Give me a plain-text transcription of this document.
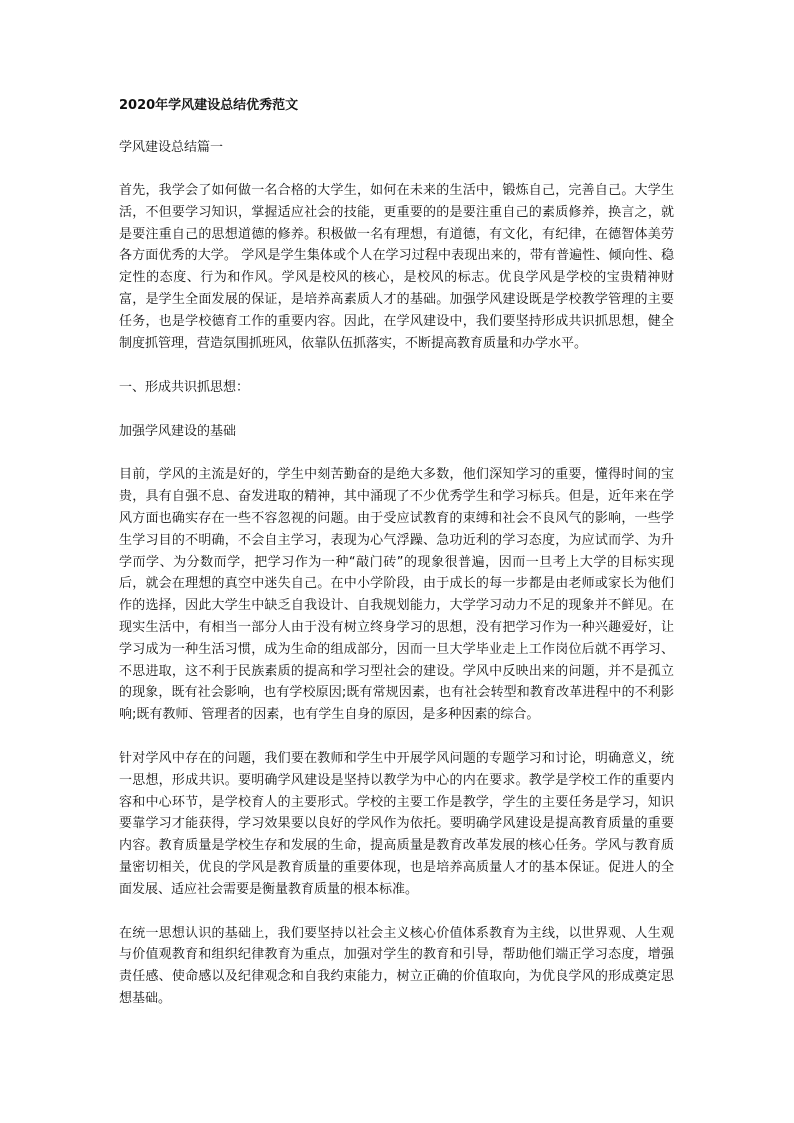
2020年学风建设总结优秀范文

学风建设总结篇一

首先，我学会了如何做一名合格的大学生，如何在未来的生活中，锻炼自己，完善自己。大学生活，不但要学习知识，掌握适应社会的技能，更重要的的是要注重自己的素质修养，换言之，就是要注重自己的思想道德的修养。积极做一名有理想，有道德，有文化，有纪律，在德智体美劳各方面优秀的大学。 学风是学生集体或个人在学习过程中表现出来的，带有普遍性、倾向性、稳定性的态度、行为和作风。学风是校风的核心，是校风的标志。优良学风是学校的宝贵精神财富，是学生全面发展的保证，是培养高素质人才的基础。加强学风建设既是学校教学管理的主要任务，也是学校德育工作的重要内容。因此，在学风建设中，我们要坚持形成共识抓思想，健全制度抓管理，营造氛围抓班风，依靠队伍抓落实，不断提高教育质量和办学水平。

一、形成共识抓思想：

加强学风建设的基础

目前，学风的主流是好的，学生中刻苦勤奋的是绝大多数，他们深知学习的重要，懂得时间的宝贵，具有自强不息、奋发进取的精神，其中涌现了不少优秀学生和学习标兵。但是，近年来在学风方面也确实存在一些不容忽视的问题。由于受应试教育的束缚和社会不良风气的影响，一些学生学习目的不明确，不会自主学习，表现为心气浮躁、急功近利的学习态度，为应试而学、为升学而学、为分数而学，把学习作为一种“敲门砖”的现象很普遍，因而一旦考上大学的目标实现后，就会在理想的真空中迷失自己。在中小学阶段，由于成长的每一步都是由老师或家长为他们作的选择，因此大学生中缺乏自我设计、自我规划能力，大学学习动力不足的现象并不鲜见。在现实生活中，有相当一部分人由于没有树立终身学习的思想，没有把学习作为一种兴趣爱好，让学习成为一种生活习惯，成为生命的组成部分，因而一旦大学毕业走上工作岗位后就不再学习、不思进取，这不利于民族素质的提高和学习型社会的建设。学风中反映出来的问题，并不是孤立的现象，既有社会影响，也有学校原因;既有常规因素，也有社会转型和教育改革进程中的不利影响;既有教师、管理者的因素，也有学生自身的原因，是多种因素的综合。

针对学风中存在的问题，我们要在教师和学生中开展学风问题的专题学习和讨论，明确意义，统一思想，形成共识。要明确学风建设是坚持以教学为中心的内在要求。教学是学校工作的重要内容和中心环节，是学校育人的主要形式。学校的主要工作是教学，学生的主要任务是学习，知识要靠学习才能获得，学习效果要以良好的学风作为依托。要明确学风建设是提高教育质量的重要内容。教育质量是学校生存和发展的生命，提高质量是教育改革发展的核心任务。学风与教育质量密切相关，优良的学风是教育质量的重要体现，也是培养高质量人才的基本保证。促进人的全面发展、适应社会需要是衡量教育质量的根本标准。

在统一思想认识的基础上，我们要坚持以社会主义核心价值体系教育为主线，以世界观、人生观与价值观教育和组织纪律教育为重点，加强对学生的教育和引导，帮助他们端正学习态度，增强责任感、使命感以及纪律观念和自我约束能力，树立正确的价值取向，为优良学风的形成奠定思想基础。
